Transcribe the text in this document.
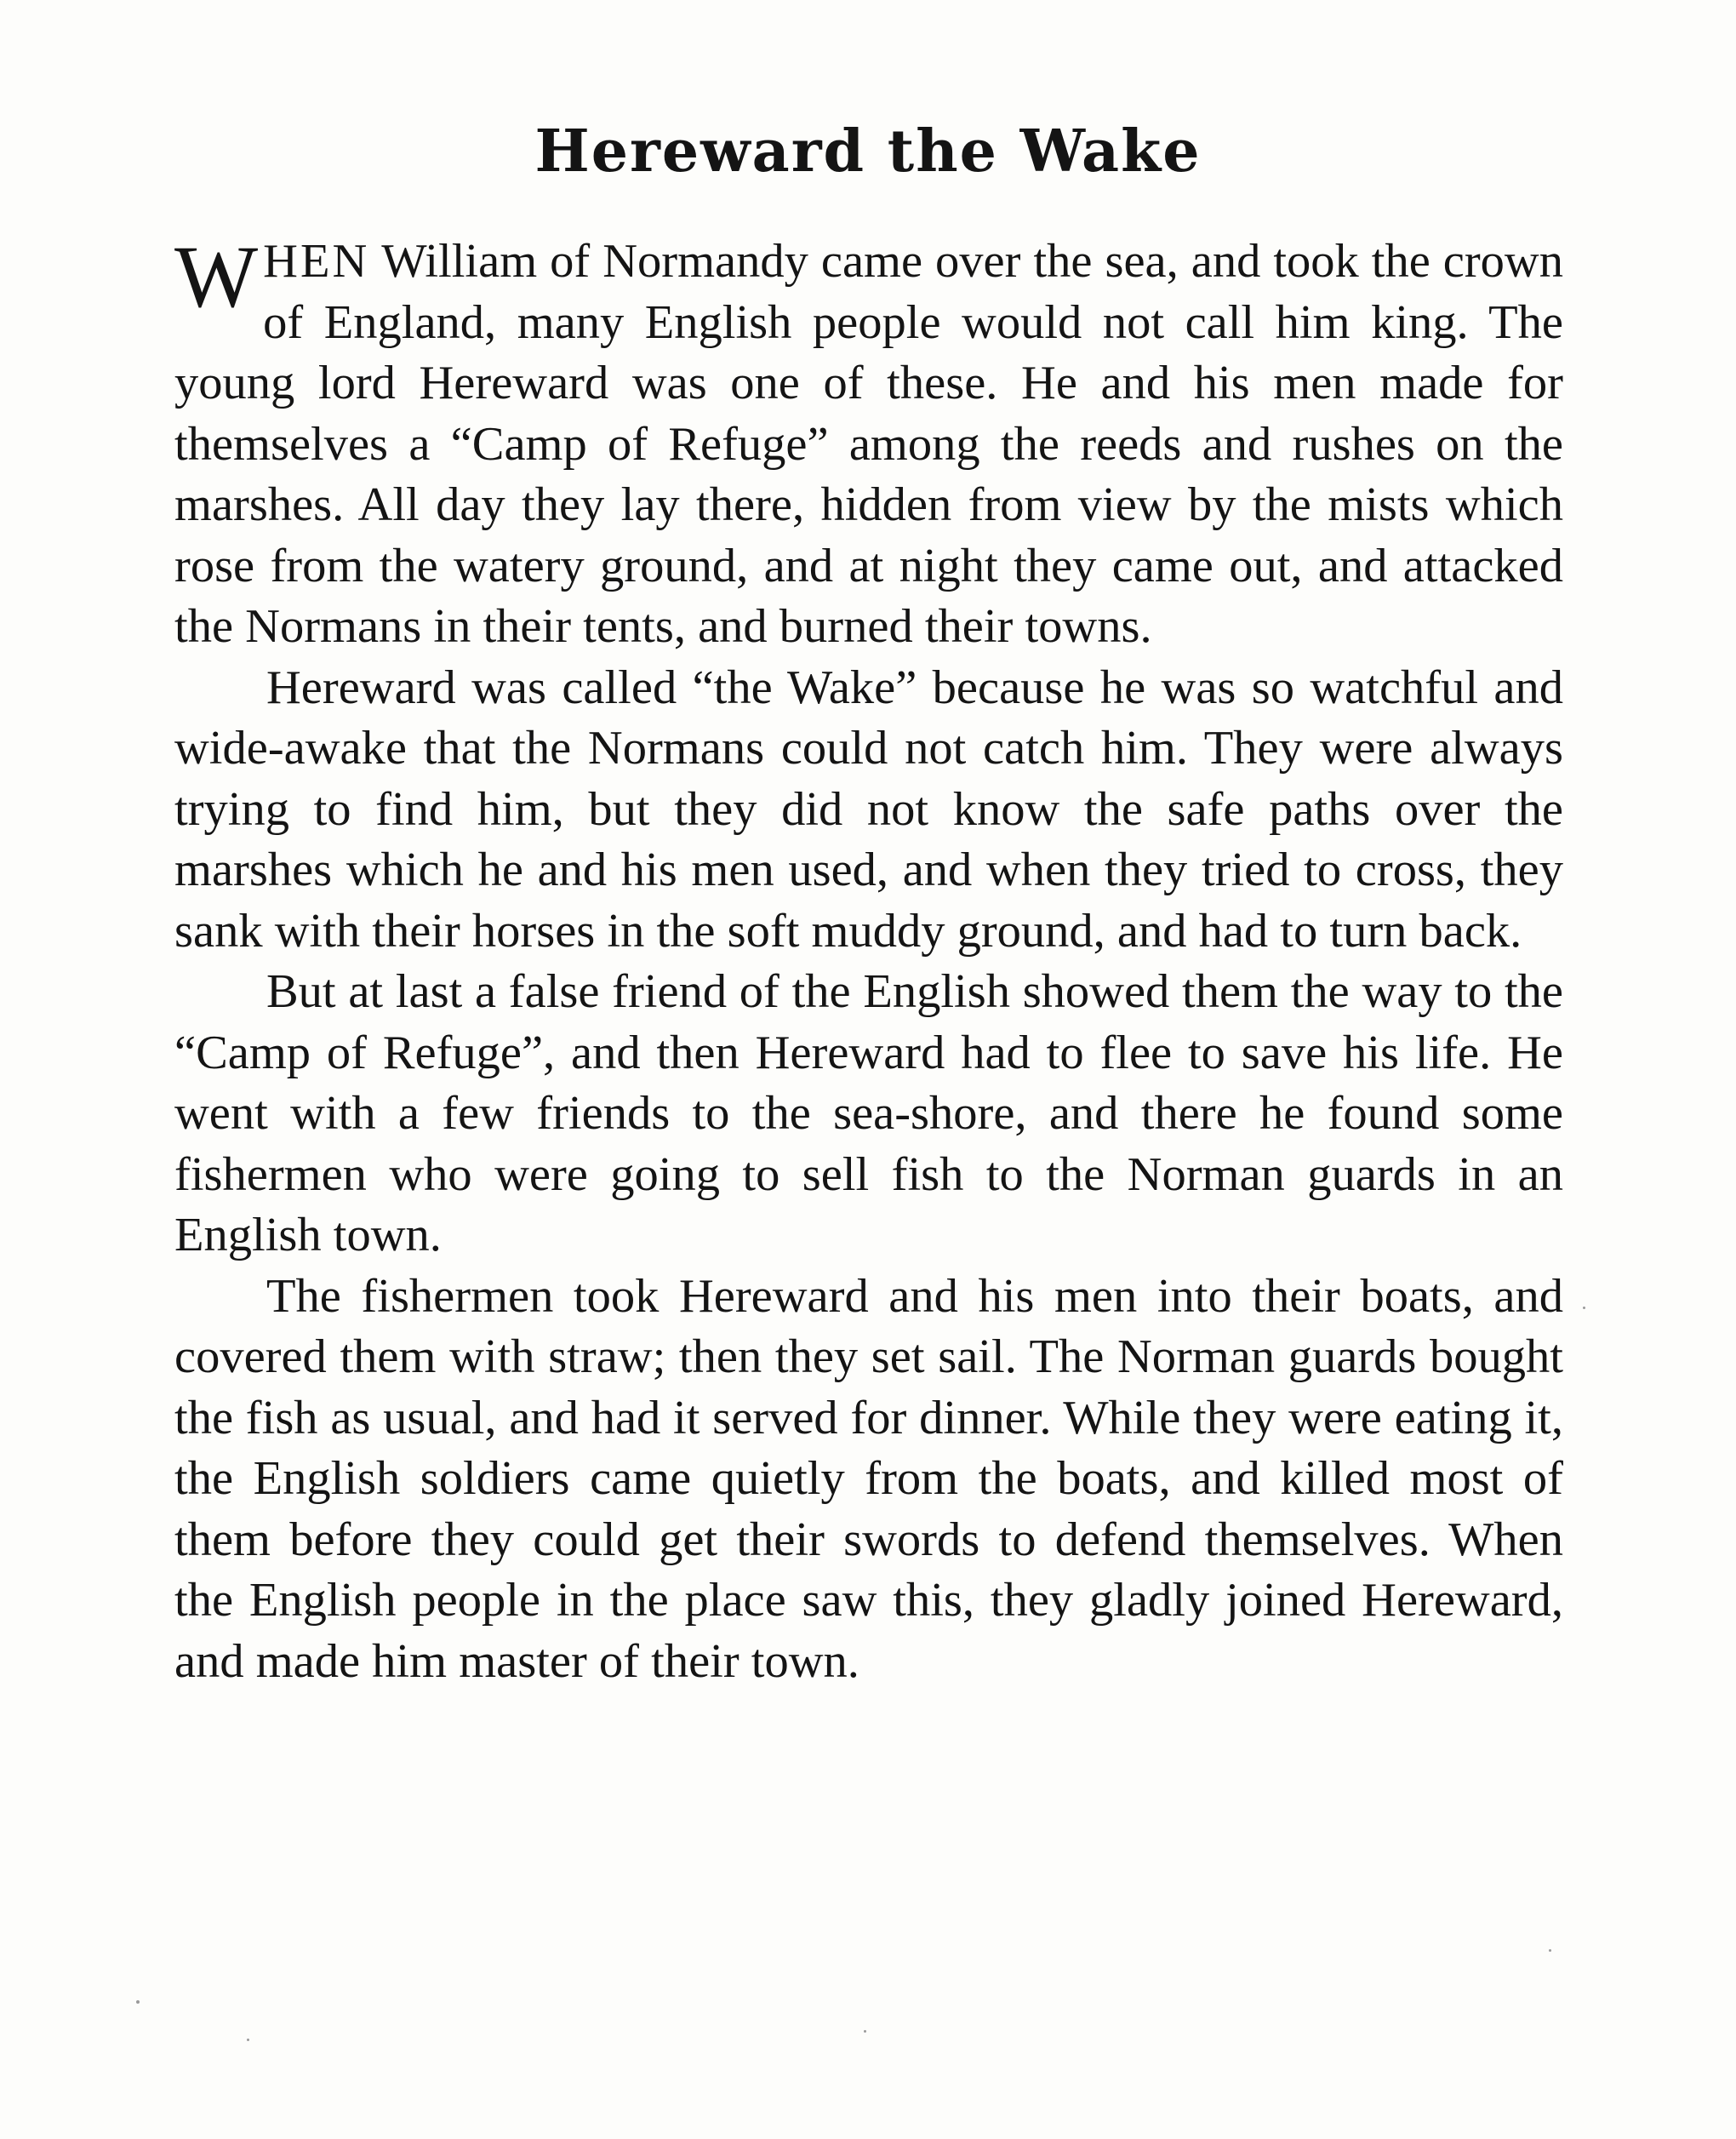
Hereward the Wake

WHEN William of Normandy came over the sea, and took the crown of England, many English people would not call him king. The young lord Hereward was one of these. He and his men made for themselves a “Camp of Refuge” among the reeds and rushes on the marshes. All day they lay there, hidden from view by the mists which rose from the watery ground, and at night they came out, and attacked the Normans in their tents, and burned their towns.

Hereward was called “the Wake” because he was so watchful and wide-awake that the Normans could not catch him. They were always trying to find him, but they did not know the safe paths over the marshes which he and his men used, and when they tried to cross, they sank with their horses in the soft muddy ground, and had to turn back.

But at last a false friend of the English showed them the way to the “Camp of Refuge”, and then Hereward had to flee to save his life. He went with a few friends to the sea-shore, and there he found some fishermen who were going to sell fish to the Norman guards in an English town.

The fishermen took Hereward and his men into their boats, and covered them with straw; then they set sail. The Norman guards bought the fish as usual, and had it served for dinner. While they were eating it, the English soldiers came quietly from the boats, and killed most of them before they could get their swords to defend themselves. When the English people in the place saw this, they gladly joined Hereward, and made him master of their town.
